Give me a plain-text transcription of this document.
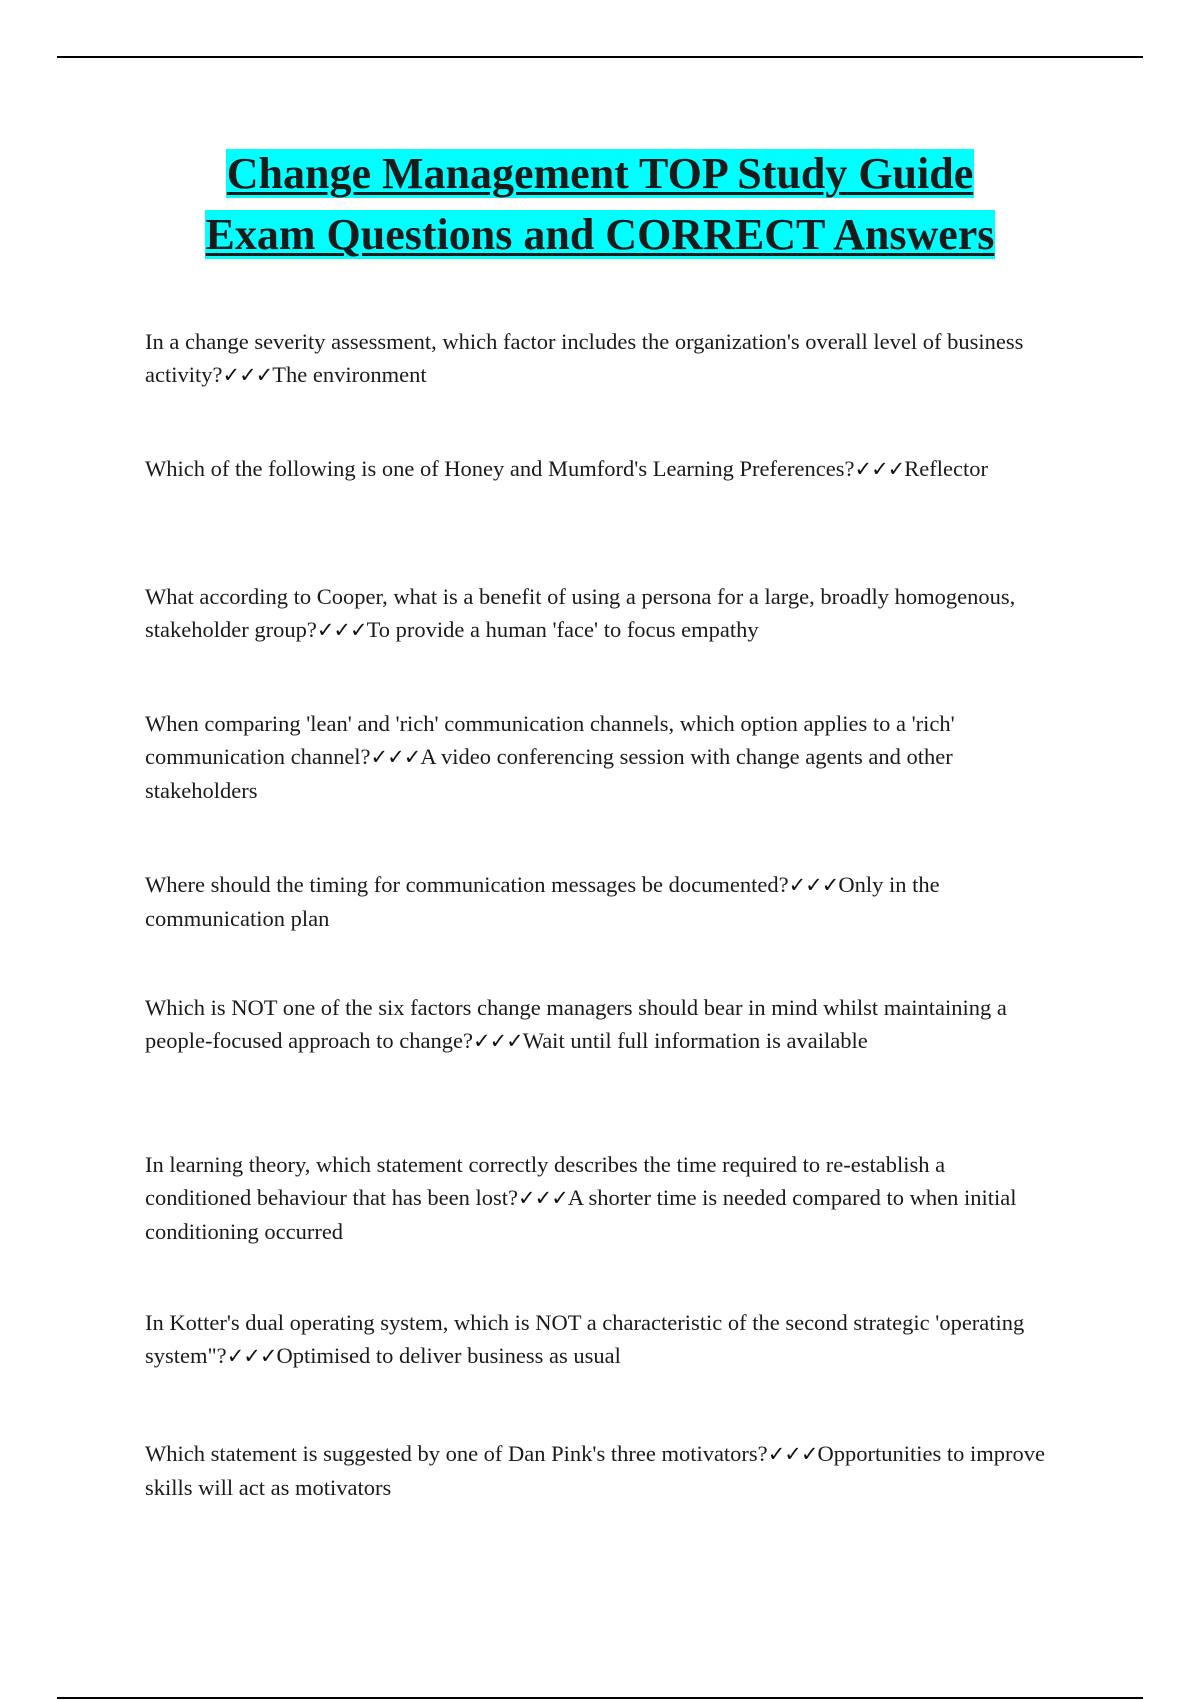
Change Management TOP Study Guide
Exam Questions and CORRECT Answers

In a change severity assessment, which factor includes the organization's overall level of business activity?✓✓✓The environment

Which of the following is one of Honey and Mumford's Learning Preferences?✓✓✓Reflector

What according to Cooper, what is a benefit of using a persona for a large, broadly homogenous, stakeholder group?✓✓✓To provide a human 'face' to focus empathy

When comparing 'lean' and 'rich' communication channels, which option applies to a 'rich' communication channel?✓✓✓A video conferencing session with change agents and other stakeholders

Where should the timing for communication messages be documented?✓✓✓Only in the communication plan

Which is NOT one of the six factors change managers should bear in mind whilst maintaining a people-focused approach to change?✓✓✓Wait until full information is available

In learning theory, which statement correctly describes the time required to re-establish a conditioned behaviour that has been lost?✓✓✓A shorter time is needed compared to when initial conditioning occurred

In Kotter's dual operating system, which is NOT a characteristic of the second strategic 'operating system"?✓✓✓Optimised to deliver business as usual

Which statement is suggested by one of Dan Pink's three motivators?✓✓✓Opportunities to improve skills will act as motivators
